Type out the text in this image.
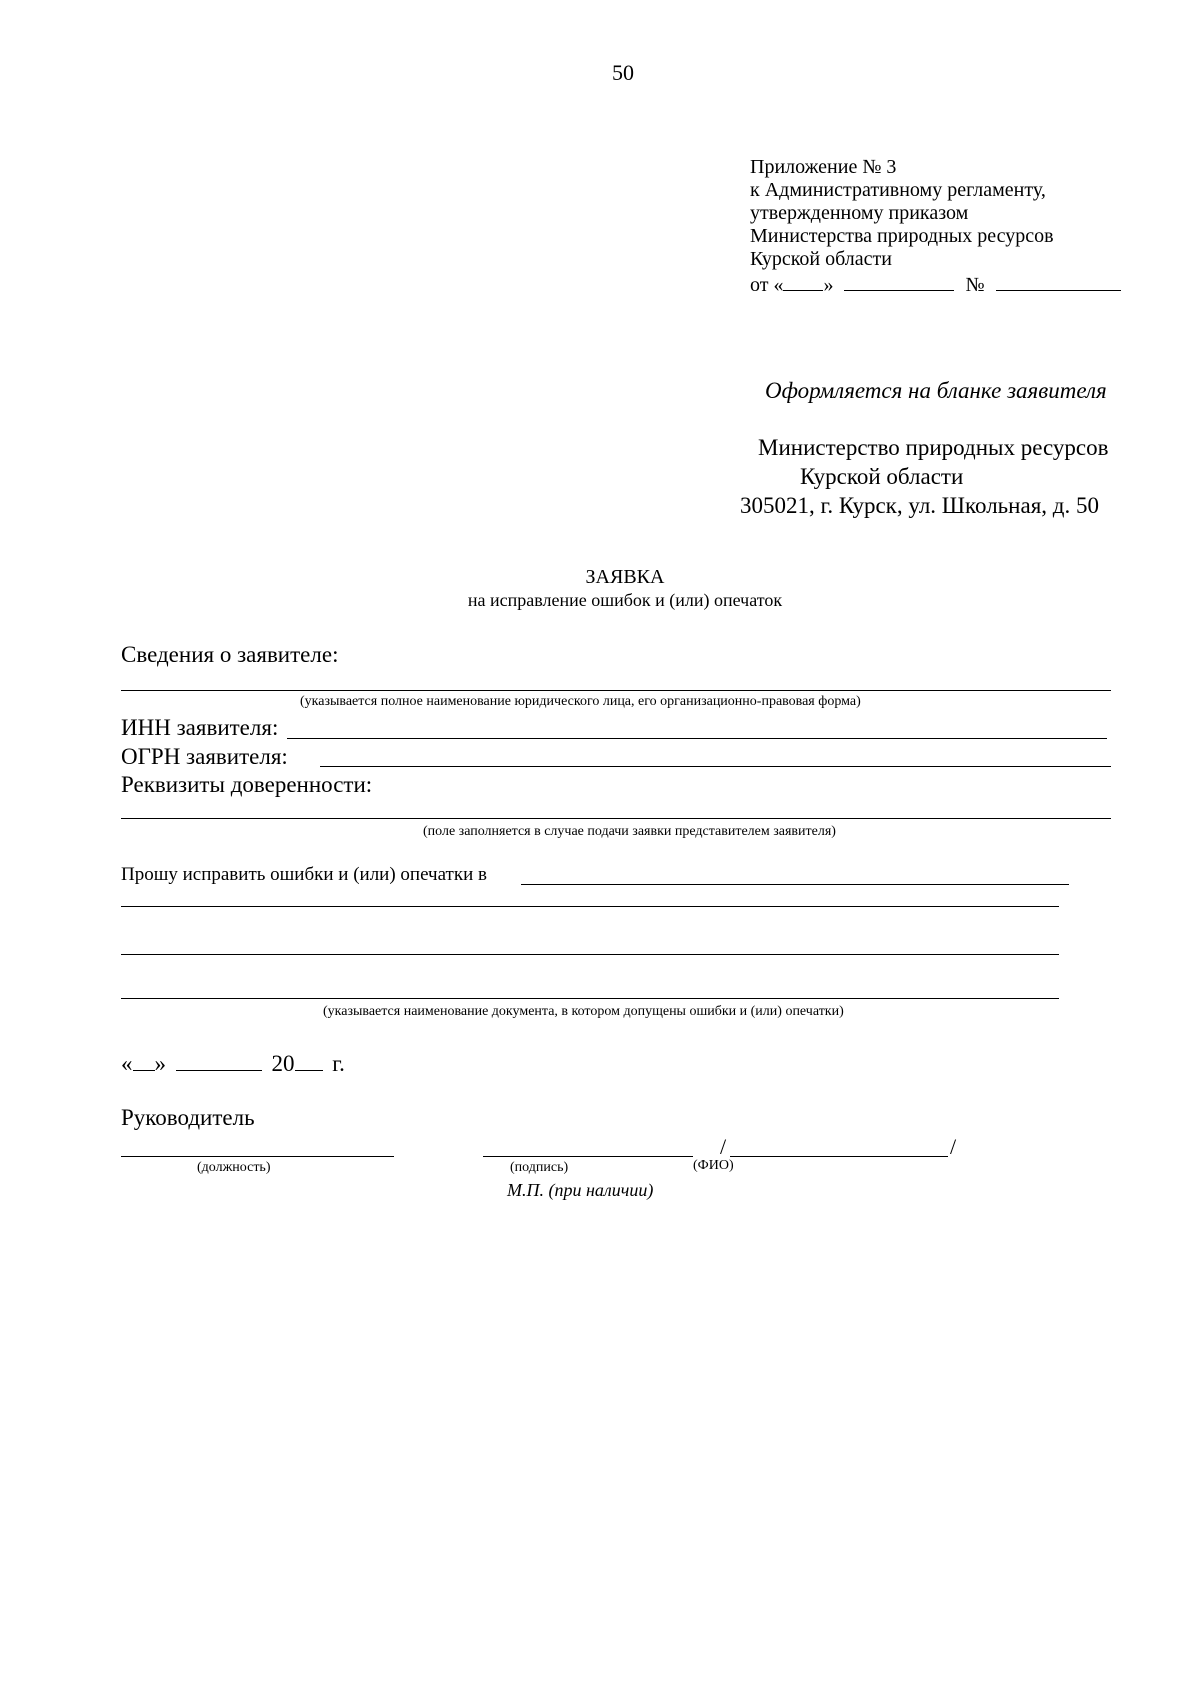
50
Приложение № 3
к Административному регламенту,
утвержденному приказом
Министерства природных ресурсов
Курской области
от « »	№
Оформляется на бланке заявителя
Министерство природных ресурсов
Курской области
305021, г. Курск, ул. Школьная, д. 50
ЗАЯВКА
на исправление ошибок и (или) опечаток
Сведения о заявителе:
(указывается полное наименование юридического лица, его организационно-правовая форма)
ИНН заявителя:
ОГРН заявителя:
Реквизиты доверенности:
(поле заполняется в случае подачи заявки представителем заявителя)
Прошу исправить ошибки и (или) опечатки в
(указывается наименование документа, в котором допущены ошибки и (или) опечатки)
« »	20 г.
Руководитель
(должность)	(подпись)
/	/
(ФИО)
М.П. (при наличии)
